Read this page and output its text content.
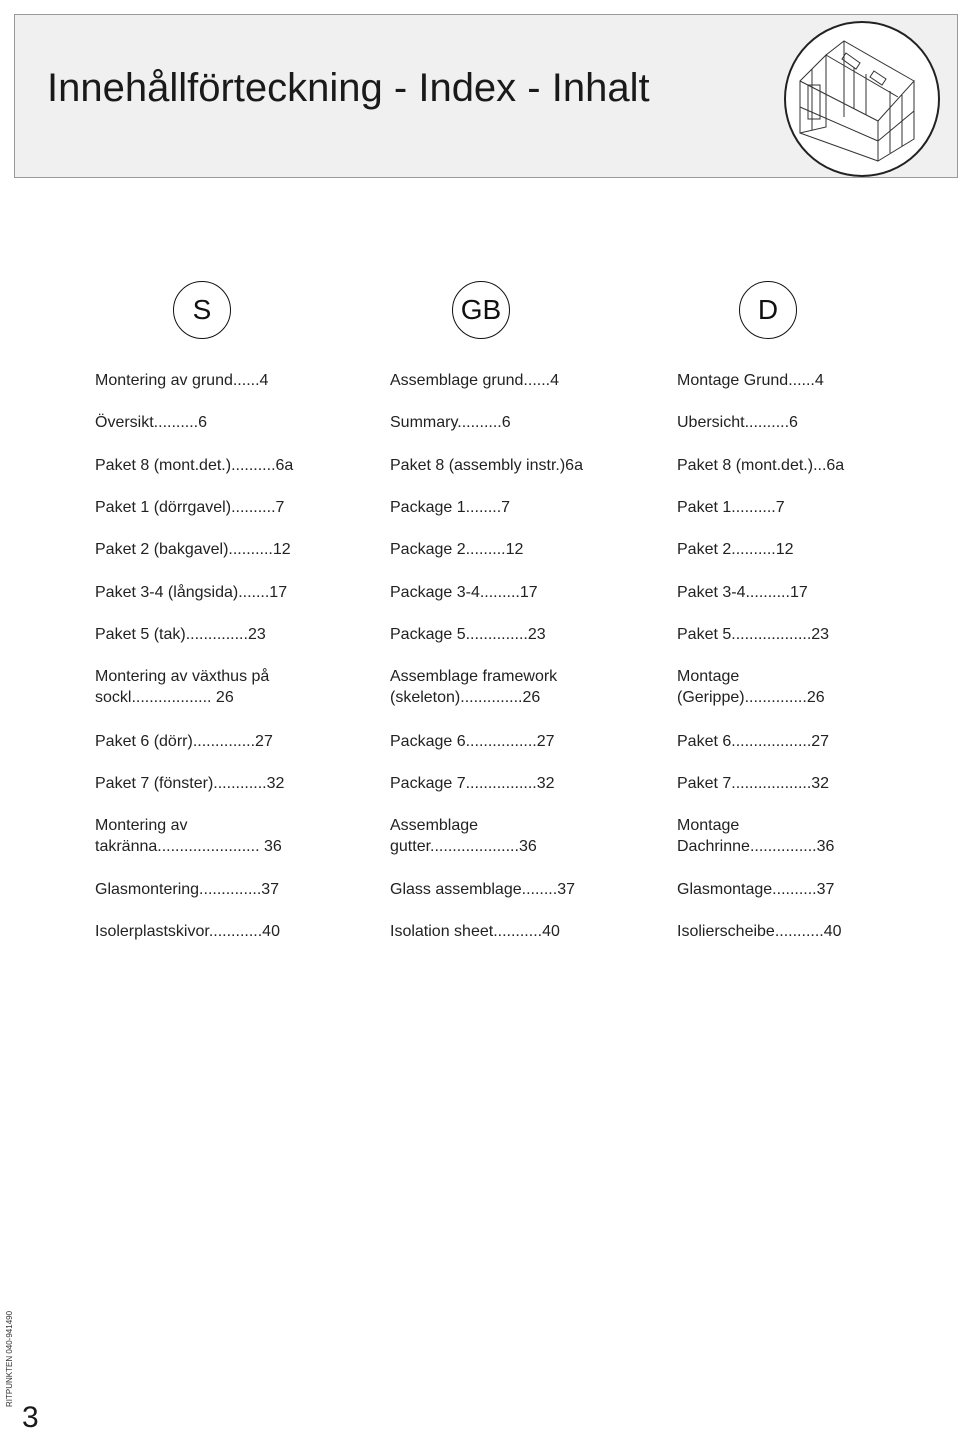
Innehållförteckning - Index - Inhalt
S	GB	D
Montering av grund......4
Översikt..........6
Paket 8 (mont.det.)..........6a
Paket 1 (dörrgavel)..........7
Paket 2 (bakgavel)..........12
Paket 3-4 (långsida).......17
Paket 5 (tak)..............23
Montering av växthus på
sockl.................. 26
Paket 6 (dörr)..............27
Paket 7 (fönster)............32
Montering av
takränna....................... 36
Glasmontering..............37
Isolerplastskivor............40
Assemblage grund......4
Summary..........6
Paket 8 (assembly instr.)6a
Package 1........7
Package 2.........12
Package 3-4.........17
Package 5..............23
Assemblage framework
(skeleton)..............26
Package 6................27
Package 7................32
Assemblage
gutter....................36
Glass assemblage........37
Isolation sheet...........40
Montage Grund......4
Ubersicht..........6
Paket 8 (mont.det.)...6a
Paket 1..........7
Paket 2..........12
Paket 3-4..........17
Paket 5..................23
Montage
(Gerippe)..............26
Paket 6..................27
Paket 7..................32
Montage
Dachrinne...............36
Glasmontage..........37
Isolierscheibe...........40
RITPUNKTEN 040-941490
3
